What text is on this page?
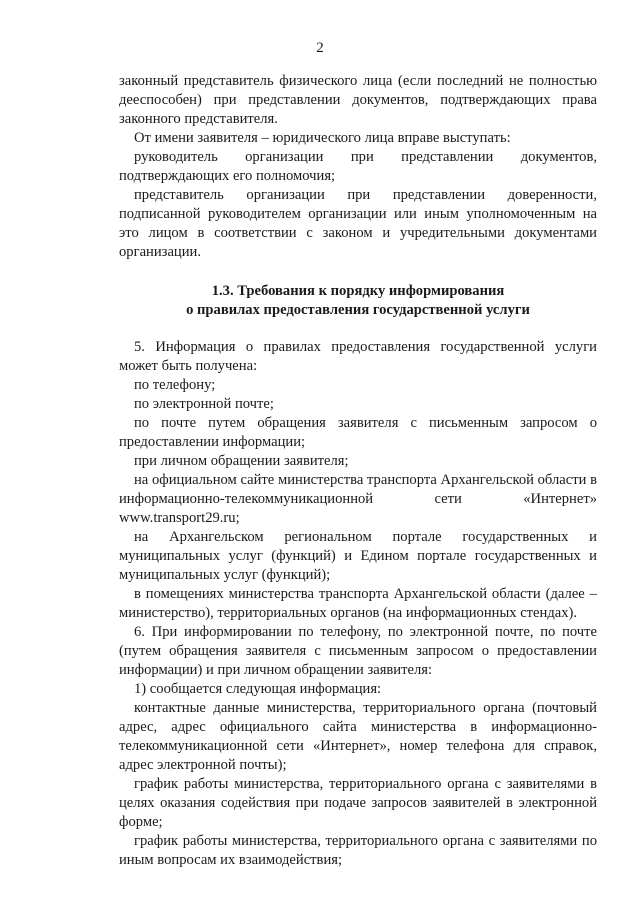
2

законный представитель физического лица (если последний не полностью дееспособен) при представлении документов, подтверждающих права законного представителя.

От имени заявителя – юридического лица вправе выступать:

руководитель организации при представлении документов, подтверждающих его полномочия;

представитель организации при представлении доверенности, подписанной руководителем организации или иным уполномоченным на это лицом в соответствии с законом и учредительными документами организации.

1.3. Требования к порядку информирования
о правилах предоставления государственной услуги

5. Информация о правилах предоставления государственной услуги может быть получена:

по телефону;

по электронной почте;

по почте путем обращения заявителя с письменным запросом о предоставлении информации;

при личном обращении заявителя;

на официальном сайте министерства транспорта Архангельской области в информационно-телекоммуникационной сети «Интернет» www.transport29.ru;

на Архангельском региональном портале государственных и муниципальных услуг (функций) и Едином портале государственных и муниципальных услуг (функций);

в помещениях министерства транспорта Архангельской области (далее – министерство), территориальных органов (на информационных стендах).

6. При информировании по телефону, по электронной почте, по почте (путем обращения заявителя с письменным запросом о предоставлении информации) и при личном обращении заявителя:

1) сообщается следующая информация:

контактные данные министерства, территориального органа (почтовый адрес, адрес официального сайта министерства в информационно-телекоммуникационной сети «Интернет», номер телефона для справок, адрес электронной почты);

график работы министерства, территориального органа с заявителями в целях оказания содействия при подаче запросов заявителей в электронной форме;

график работы министерства, территориального органа с заявителями по иным вопросам их взаимодействия;
